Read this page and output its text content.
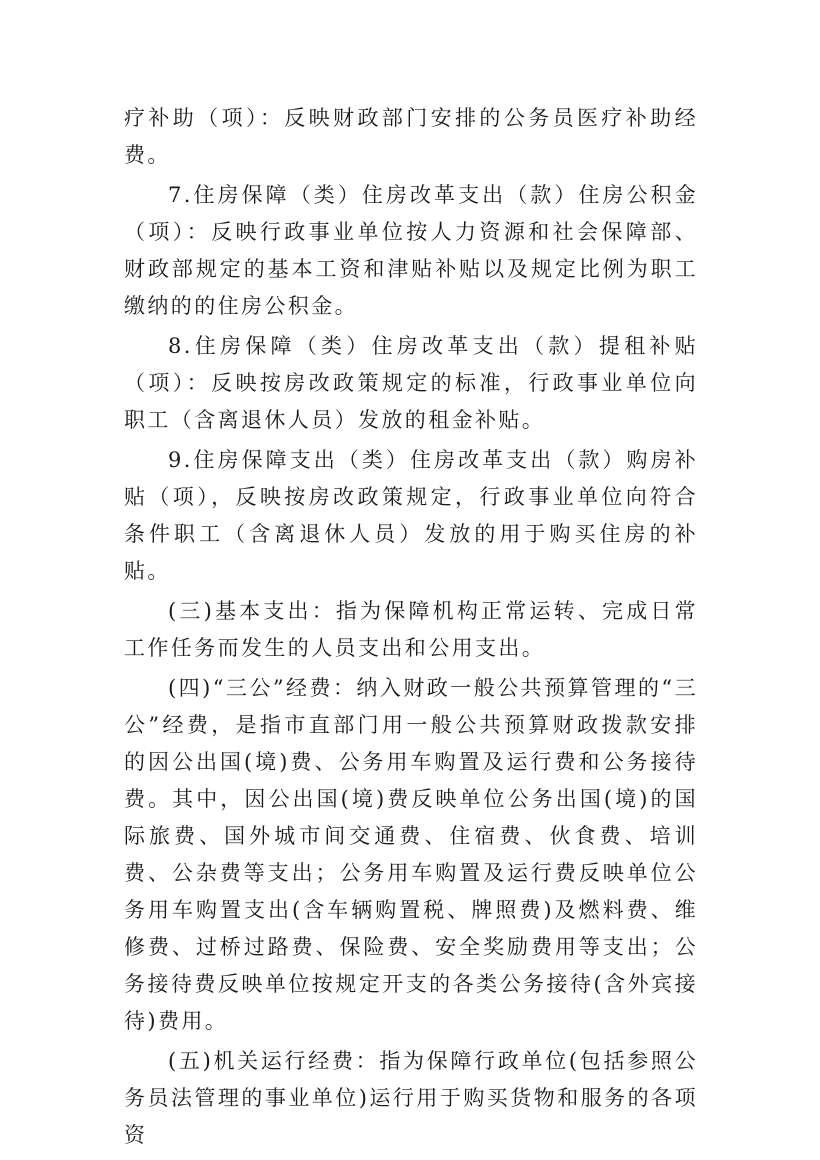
疗补助（项）：反映财政部门安排的公务员医疗补助经费。

7.住房保障（类）住房改革支出（款）住房公积金（项）：反映行政事业单位按人力资源和社会保障部、财政部规定的基本工资和津贴补贴以及规定比例为职工缴纳的的住房公积金。

8.住房保障（类）住房改革支出（款）提租补贴（项）：反映按房改政策规定的标准，行政事业单位向职工（含离退休人员）发放的租金补贴。

9.住房保障支出（类）住房改革支出（款）购房补贴（项），反映按房改政策规定，行政事业单位向符合条件职工（含离退休人员）发放的用于购买住房的补贴。

(三)基本支出：指为保障机构正常运转、完成日常工作任务而发生的人员支出和公用支出。

(四)“三公”经费：纳入财政一般公共预算管理的“三公”经费，是指市直部门用一般公共预算财政拨款安排的因公出国(境)费、公务用车购置及运行费和公务接待费。其中，因公出国(境)费反映单位公务出国(境)的国际旅费、国外城市间交通费、住宿费、伙食费、培训费、公杂费等支出；公务用车购置及运行费反映单位公务用车购置支出(含车辆购置税、牌照费)及燃料费、维修费、过桥过路费、保险费、安全奖励费用等支出；公务接待费反映单位按规定开支的各类公务接待(含外宾接待)费用。

(五)机关运行经费：指为保障行政单位(包括参照公务员法管理的事业单位)运行用于购买货物和服务的各项资
